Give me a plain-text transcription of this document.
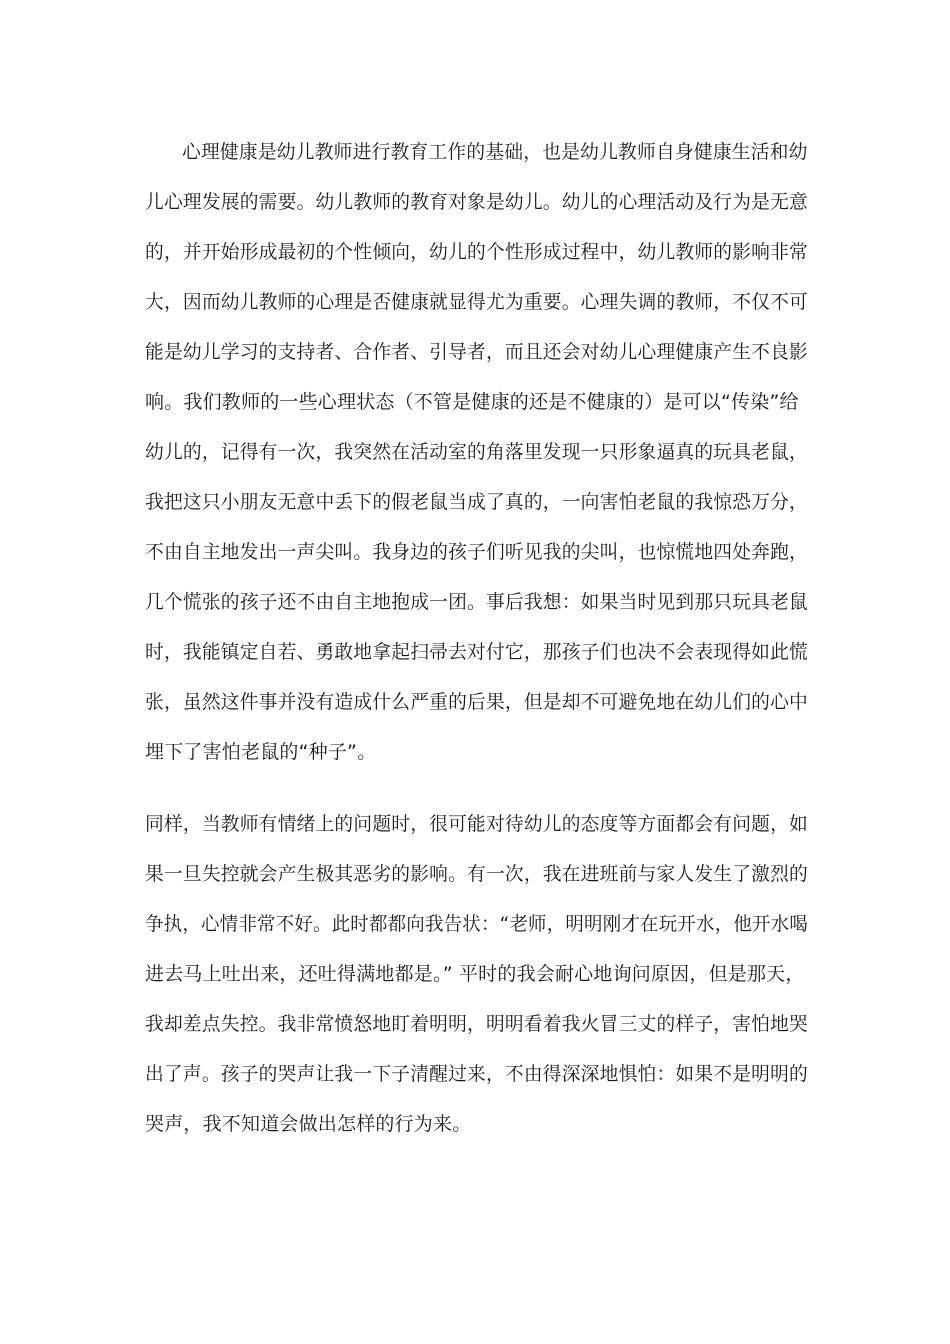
心理健康是幼儿教师进行教育工作的基础，也是幼儿教师自身健康生活和幼
儿心理发展的需要。幼儿教师的教育对象是幼儿。幼儿的心理活动及行为是无意
的，并开始形成最初的个性倾向，幼儿的个性形成过程中，幼儿教师的影响非常
大，因而幼儿教师的心理是否健康就显得尤为重要。心理失调的教师，不仅不可
能是幼儿学习的支持者、合作者、引导者，而且还会对幼儿心理健康产生不良影
响。我们教师的一些心理状态（不管是健康的还是不健康的）是可以“传染”给
幼儿的，记得有一次，我突然在活动室的角落里发现一只形象逼真的玩具老鼠，
我把这只小朋友无意中丢下的假老鼠当成了真的，一向害怕老鼠的我惊恐万分，
不由自主地发出一声尖叫。我身边的孩子们听见我的尖叫，也惊慌地四处奔跑，
几个慌张的孩子还不由自主地抱成一团。事后我想：如果当时见到那只玩具老鼠
时，我能镇定自若、勇敢地拿起扫帚去对付它，那孩子们也决不会表现得如此慌
张，虽然这件事并没有造成什么严重的后果，但是却不可避免地在幼儿们的心中
埋下了害怕老鼠的“种子”。
同样，当教师有情绪上的问题时，很可能对待幼儿的态度等方面都会有问题，如
果一旦失控就会产生极其恶劣的影响。有一次，我在进班前与家人发生了激烈的
争执，心情非常不好。此时都都向我告状：“老师，明明刚才在玩开水，他开水喝
进去马上吐出来，还吐得满地都是。” 平时的我会耐心地询问原因，但是那天，
我却差点失控。我非常愤怒地盯着明明，明明看着我火冒三丈的样子，害怕地哭
出了声。孩子的哭声让我一下子清醒过来，不由得深深地惧怕：如果不是明明的
哭声，我不知道会做出怎样的行为来。
